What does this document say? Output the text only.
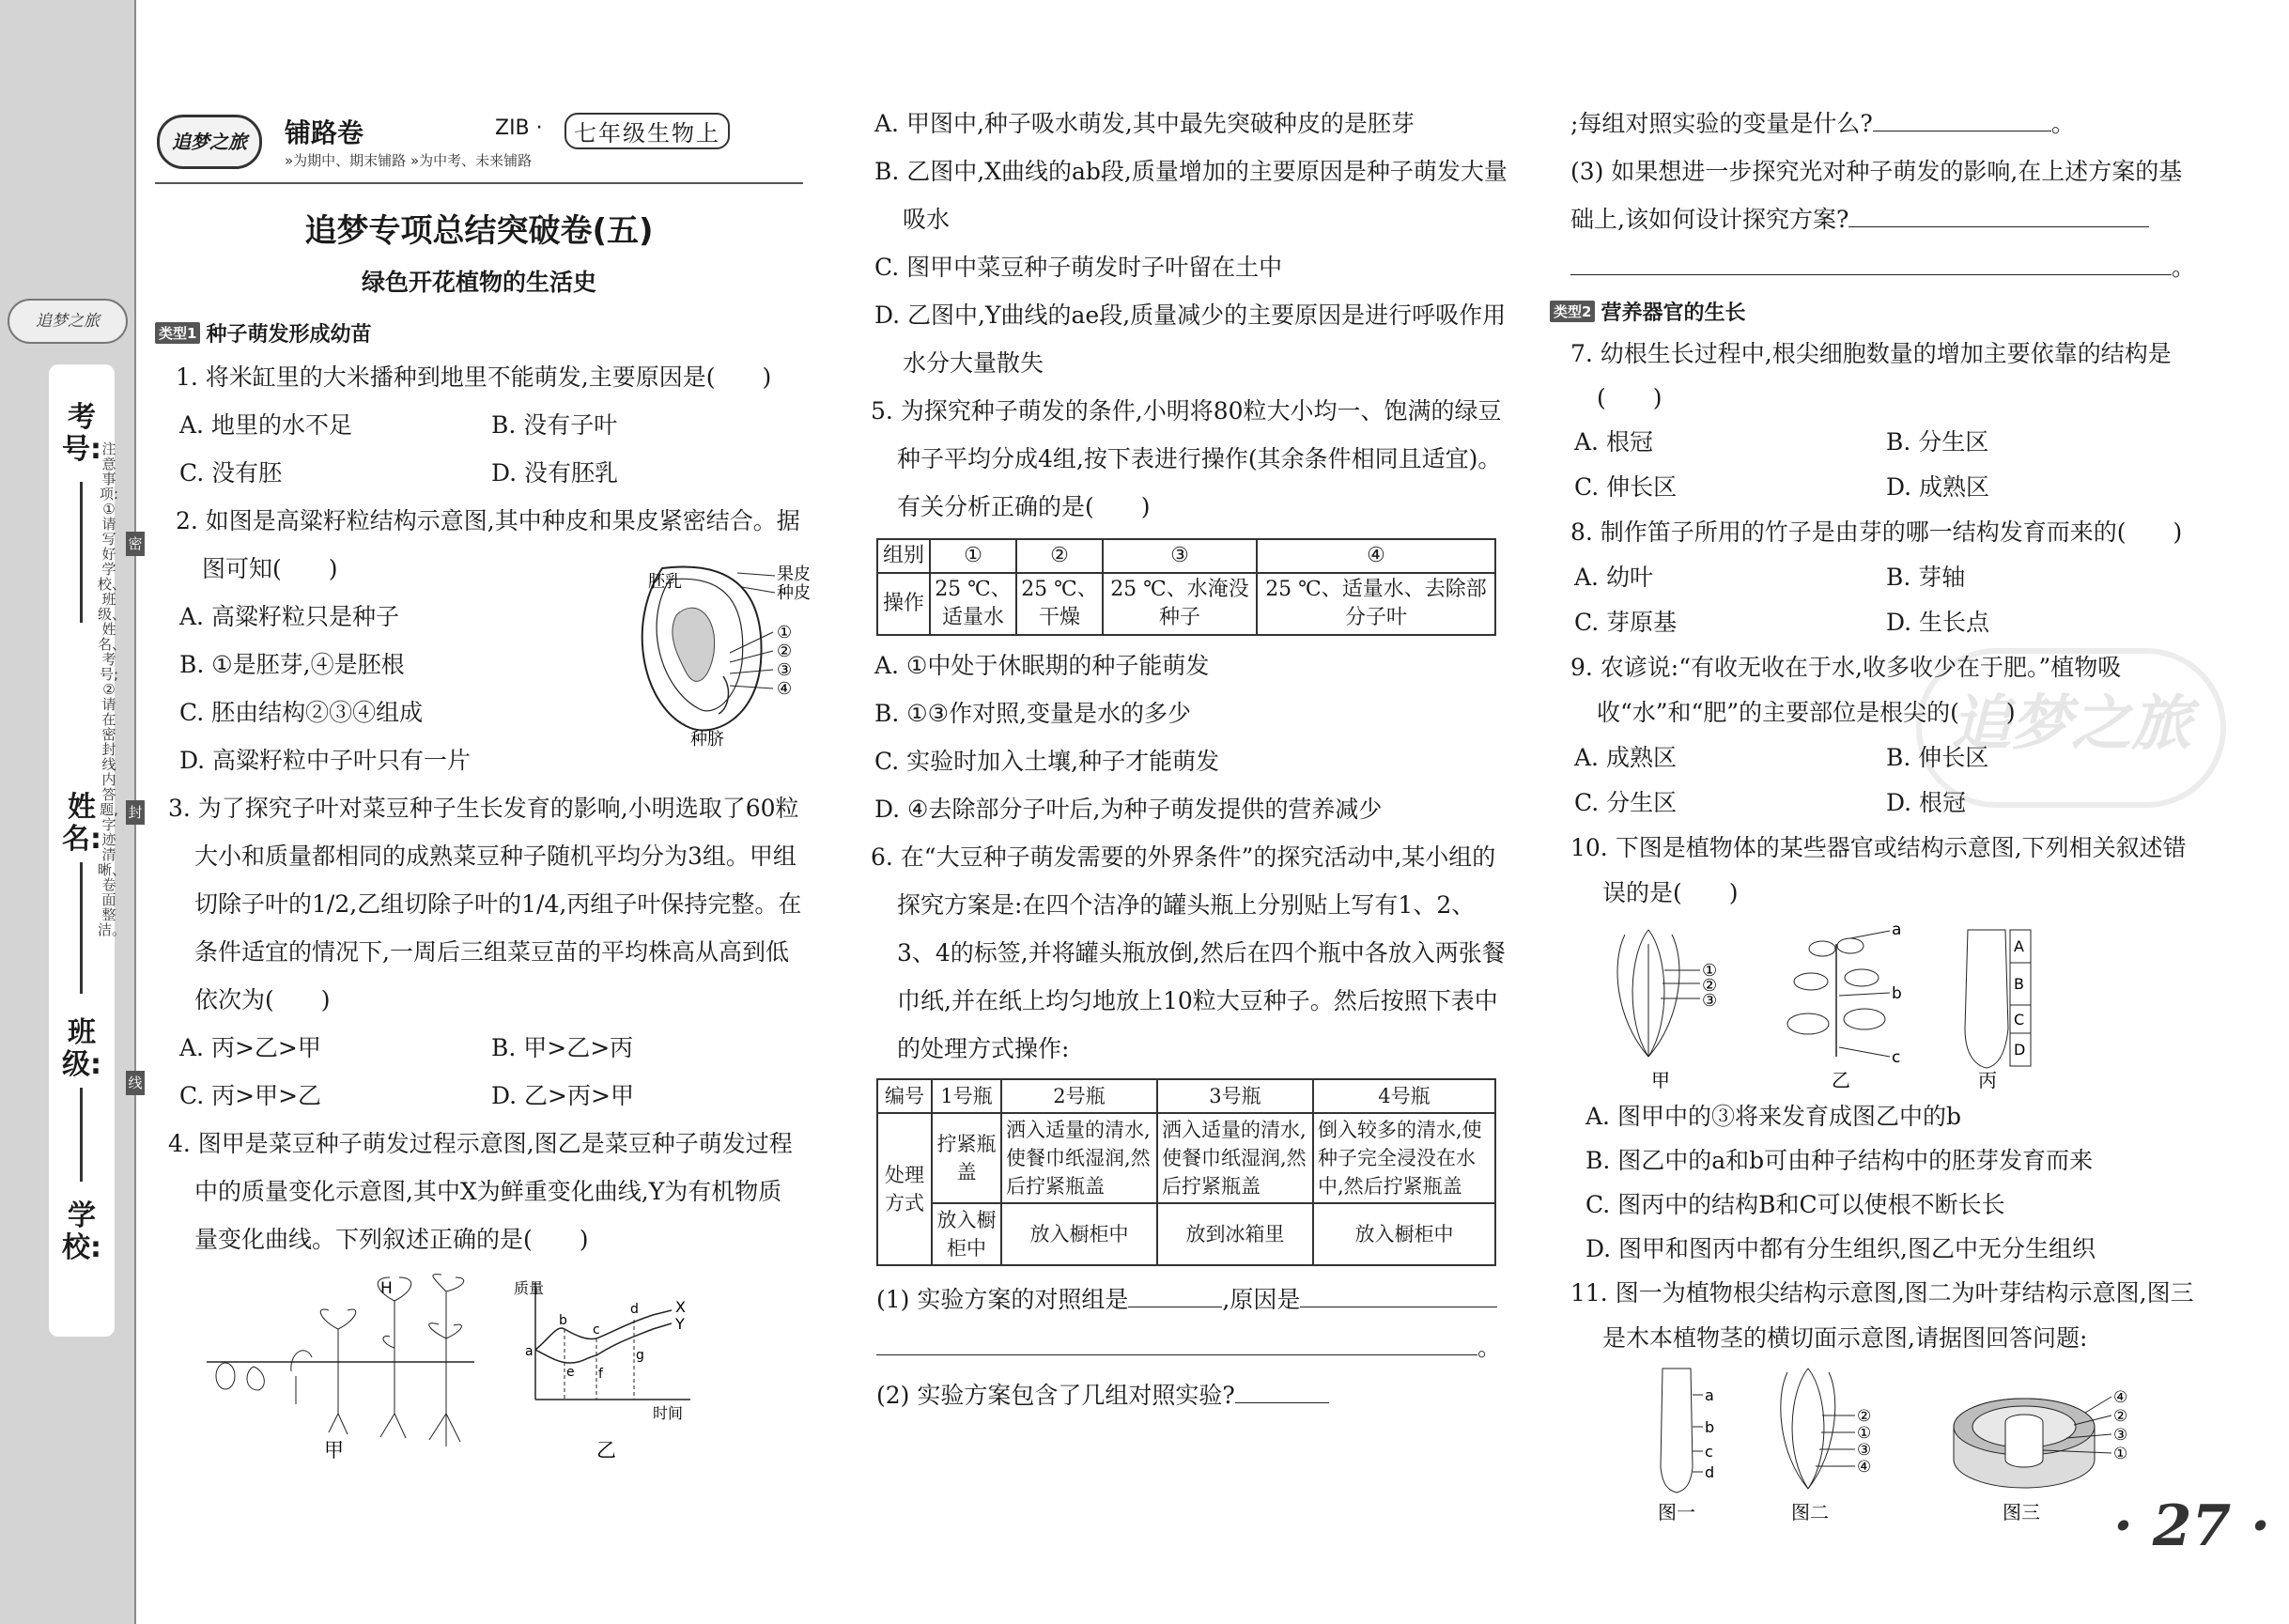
追梦之旅
考号:
姓名:
班级:
学校:
注意事项:①请写好学校、班级、姓名、考号;②请在密封线内答题,字迹清晰、卷面整洁。
密
封
线
追梦之旅
追梦之旅	铺路卷
»为期中、期末铺路 »为中考、未来铺路
ZIB ·	七年级生物上
追梦专项总结突破卷(五)
绿色开花植物的生活史
类型1 种子萌发形成幼苗
1. 将米缸里的大米播种到地里不能萌发,主要原因是(　　)
A. 地里的水不足	B. 没有子叶
C. 没有胚	D. 没有胚乳
2. 如图是高粱籽粒结构示意图,其中种皮和果皮紧密结合。据图可知(　　)
A. 高粱籽粒只是种子
B. ①是胚芽,④是胚根
C. 胚由结构②③④组成
D. 高粱籽粒中子叶只有一片
胚乳	果皮
种皮
①
②
③
④
种脐
3. 为了探究子叶对菜豆种子生长发育的影响,小明选取了60粒大小和质量都相同的成熟菜豆种子随机平均分为3组。甲组切除子叶的1/2,乙组切除子叶的1/4,丙组子叶保持完整。在条件适宜的情况下,一周后三组菜豆苗的平均株高从高到低依次为(　　)
A. 丙>乙>甲	B. 甲>乙>丙
C. 丙>甲>乙	D. 乙>丙>甲
4. 图甲是菜豆种子萌发过程示意图,图乙是菜豆种子萌发过程中的质量变化示意图,其中X为鲜重变化曲线,Y为有机物质量变化曲线。下列叙述正确的是(　　)
H
甲
质量
时间
a
b
c
d
e f
g
X
Y
乙
A. 甲图中,种子吸水萌发,其中最先突破种皮的是胚芽
B. 乙图中,X曲线的ab段,质量增加的主要原因是种子萌发大量吸水
C. 图甲中菜豆种子萌发时子叶留在土中
D. 乙图中,Y曲线的ae段,质量减少的主要原因是进行呼吸作用水分大量散失
5. 为探究种子萌发的条件,小明将80粒大小均一、饱满的绿豆种子平均分成4组,按下表进行操作(其余条件相同且适宜)。有关分析正确的是(　　)
组别	①	②	③	④
操作	25 ℃、适量水	25 ℃、干燥	25 ℃、水淹没种子	25 ℃、适量水、去除部分子叶
A. ①中处于休眠期的种子能萌发
B. ①③作对照,变量是水的多少
C. 实验时加入土壤,种子才能萌发
D. ④去除部分子叶后,为种子萌发提供的营养减少
6. 在“大豆种子萌发需要的外界条件”的探究活动中,某小组的探究方案是:在四个洁净的罐头瓶上分别贴上写有1、2、3、4的标签,并将罐头瓶放倒,然后在四个瓶中各放入两张餐巾纸,并在纸上均匀地放上10粒大豆种子。然后按照下表中的处理方式操作:
编号	1号瓶	2号瓶	3号瓶	4号瓶
处理方式	拧紧瓶盖	洒入适量的清水,使餐巾纸湿润,然后拧紧瓶盖	洒入适量的清水,使餐巾纸湿润,然后拧紧瓶盖	倒入较多的清水,使种子完全浸没在水中,然后拧紧瓶盖
	放入橱柜中	放入橱柜中	放到冰箱里	放入橱柜中
(1) 实验方案的对照组是	,原因是
。
(2) 实验方案包含了几组对照实验?
;每组对照实验的变量是什么?	。
(3) 如果想进一步探究光对种子萌发的影响,在上述方案的基础上,该如何设计探究方案?
。
类型2 营养器官的生长
7. 幼根生长过程中,根尖细胞数量的增加主要依靠的结构是(　　)
A. 根冠	B. 分生区
C. 伸长区	D. 成熟区
8. 制作笛子所用的竹子是由芽的哪一结构发育而来的(　　)
A. 幼叶	B. 芽轴
C. 芽原基	D. 生长点
9. 农谚说:“有收无收在于水,收多收少在于肥。”植物吸收“水”和“肥”的主要部位是根尖的(　　)
A. 成熟区	B. 伸长区
C. 分生区	D. 根冠
10. 下图是植物体的某些器官或结构示意图,下列相关叙述错误的是(　　)
①
②
③
甲
a
b
c
乙
A
B
C
D
丙
A. 图甲中的③将来发育成图乙中的b
B. 图乙中的a和b可由种子结构中的胚芽发育而来
C. 图丙中的结构B和C可以使根不断长长
D. 图甲和图丙中都有分生组织,图乙中无分生组织
11. 图一为植物根尖结构示意图,图二为叶芽结构示意图,图三是木本植物茎的横切面示意图,请据图回答问题:
a
b
c
d
图一
②
①
③
④
图二
④
②
③
①
图三 · 27 ·
